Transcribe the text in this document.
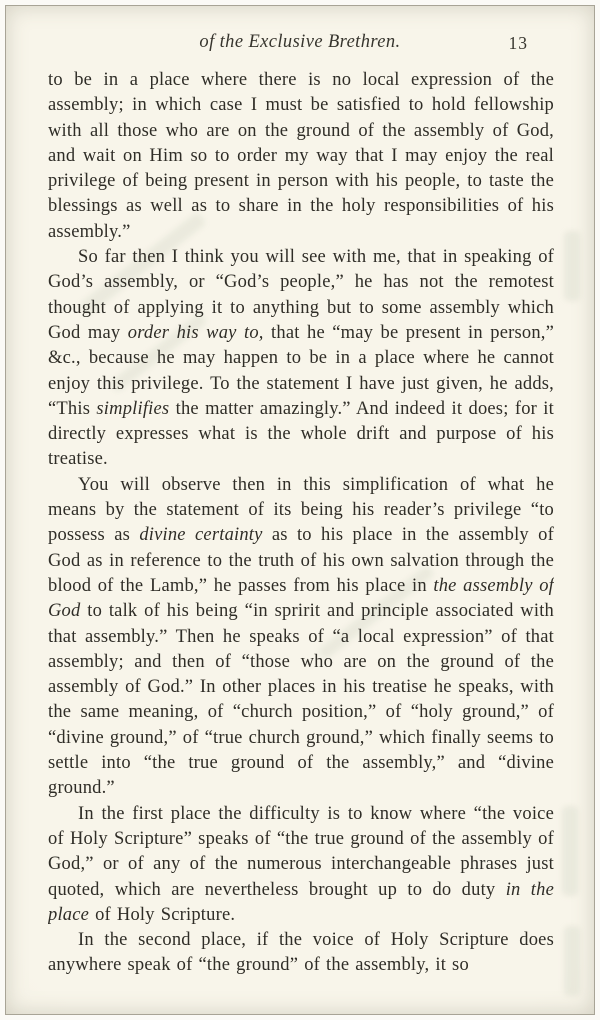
of the Exclusive Brethren.	13

to be in a place where there is no local expression of the assembly; in which case I must be satisfied to hold fellowship with all those who are on the ground of the assembly of God, and wait on Him so to order my way that I may enjoy the real privilege of being present in person with his people, to taste the blessings as well as to share in the holy responsibilities of his assembly.”

So far then I think you will see with me, that in speaking of God’s assembly, or “God’s people,” he has not the remotest thought of applying it to anything but to some assembly which God may order his way to, that he “may be present in person,” &c., because he may happen to be in a place where he cannot enjoy this privilege. To the statement I have just given, he adds, “This simplifies the matter amazingly.” And indeed it does; for it directly expresses what is the whole drift and purpose of his treatise.

You will observe then in this simplification of what he means by the statement of its being his reader’s privilege “to possess as divine certainty as to his place in the assembly of God as in reference to the truth of his own salvation through the blood of the Lamb,” he passes from his place in the assembly of God to talk of his being “in spririt and principle associated with that assembly.” Then he speaks of “a local expression” of that assembly; and then of “those who are on the ground of the assembly of God.” In other places in his treatise he speaks, with the same meaning, of “church position,” of “holy ground,” of “divine ground,” of “true church ground,” which finally seems to settle into “the true ground of the assembly,” and “divine ground.”

In the first place the difficulty is to know where “the voice of Holy Scripture” speaks of “the true ground of the assembly of God,” or of any of the numerous interchangeable phrases just quoted, which are nevertheless brought up to do duty in the place of Holy Scripture.

In the second place, if the voice of Holy Scripture does anywhere speak of “the ground” of the assembly, it so
